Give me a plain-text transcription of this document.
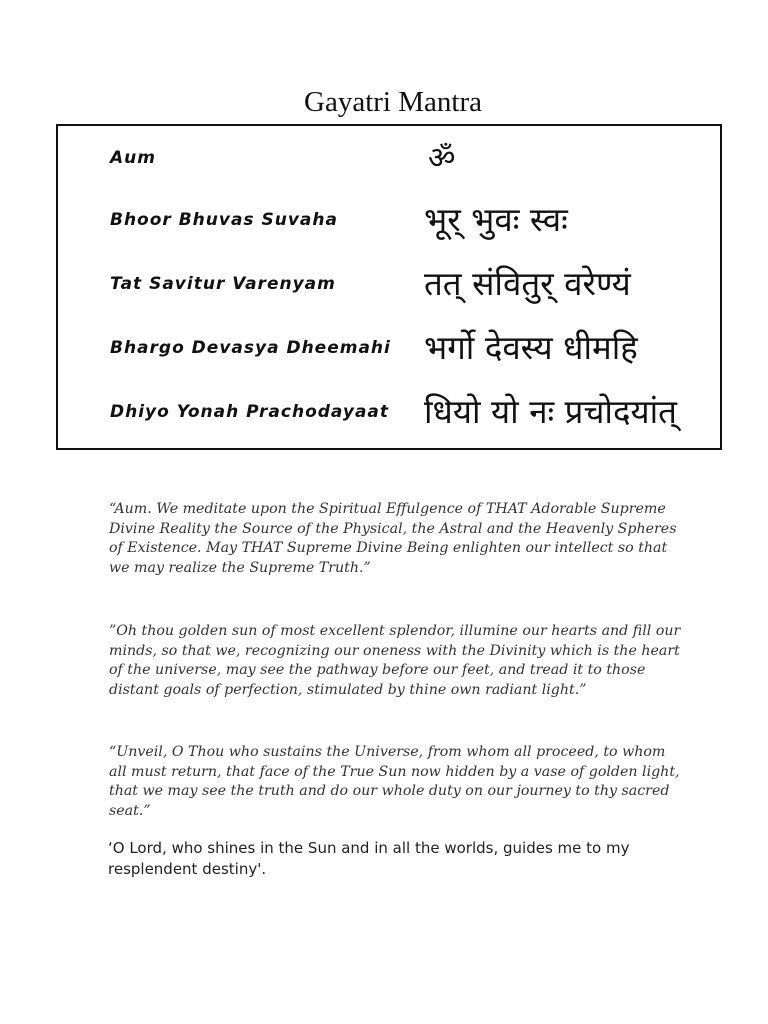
Gayatri Mantra
Aum	ॐ
Bhoor Bhuvas Suvaha	भूर् भुवः स्वः
Tat Savitur Varenyam	तत् संवितुर् वरेण्यं
Bhargo Devasya Dheemahi भर्गो देवस्य धीमहि
Dhiyo Yonah Prachodayaat धियो यो नः प्रचोदयांत्

“Aum. We meditate upon the Spiritual Effulgence of THAT Adorable Supreme Divine Reality the Source of the Physical, the Astral and the Heavenly Spheres of Existence. May THAT Supreme Divine Being enlighten our intellect so that we may realize the Supreme Truth.”

”Oh thou golden sun of most excellent splendor, illumine our hearts and fill our minds, so that we, recognizing our oneness with the Divinity which is the heart of the universe, may see the pathway before our feet, and tread it to those distant goals of perfection, stimulated by thine own radiant light.”

“Unveil, O Thou who sustains the Universe, from whom all proceed, to whom all must return, that face of the True Sun now hidden by a vase of golden light, that we may see the truth and do our whole duty on our journey to thy sacred seat.”

‘O Lord, who shines in the Sun and in all the worlds, guides me to my resplendent destiny'.
